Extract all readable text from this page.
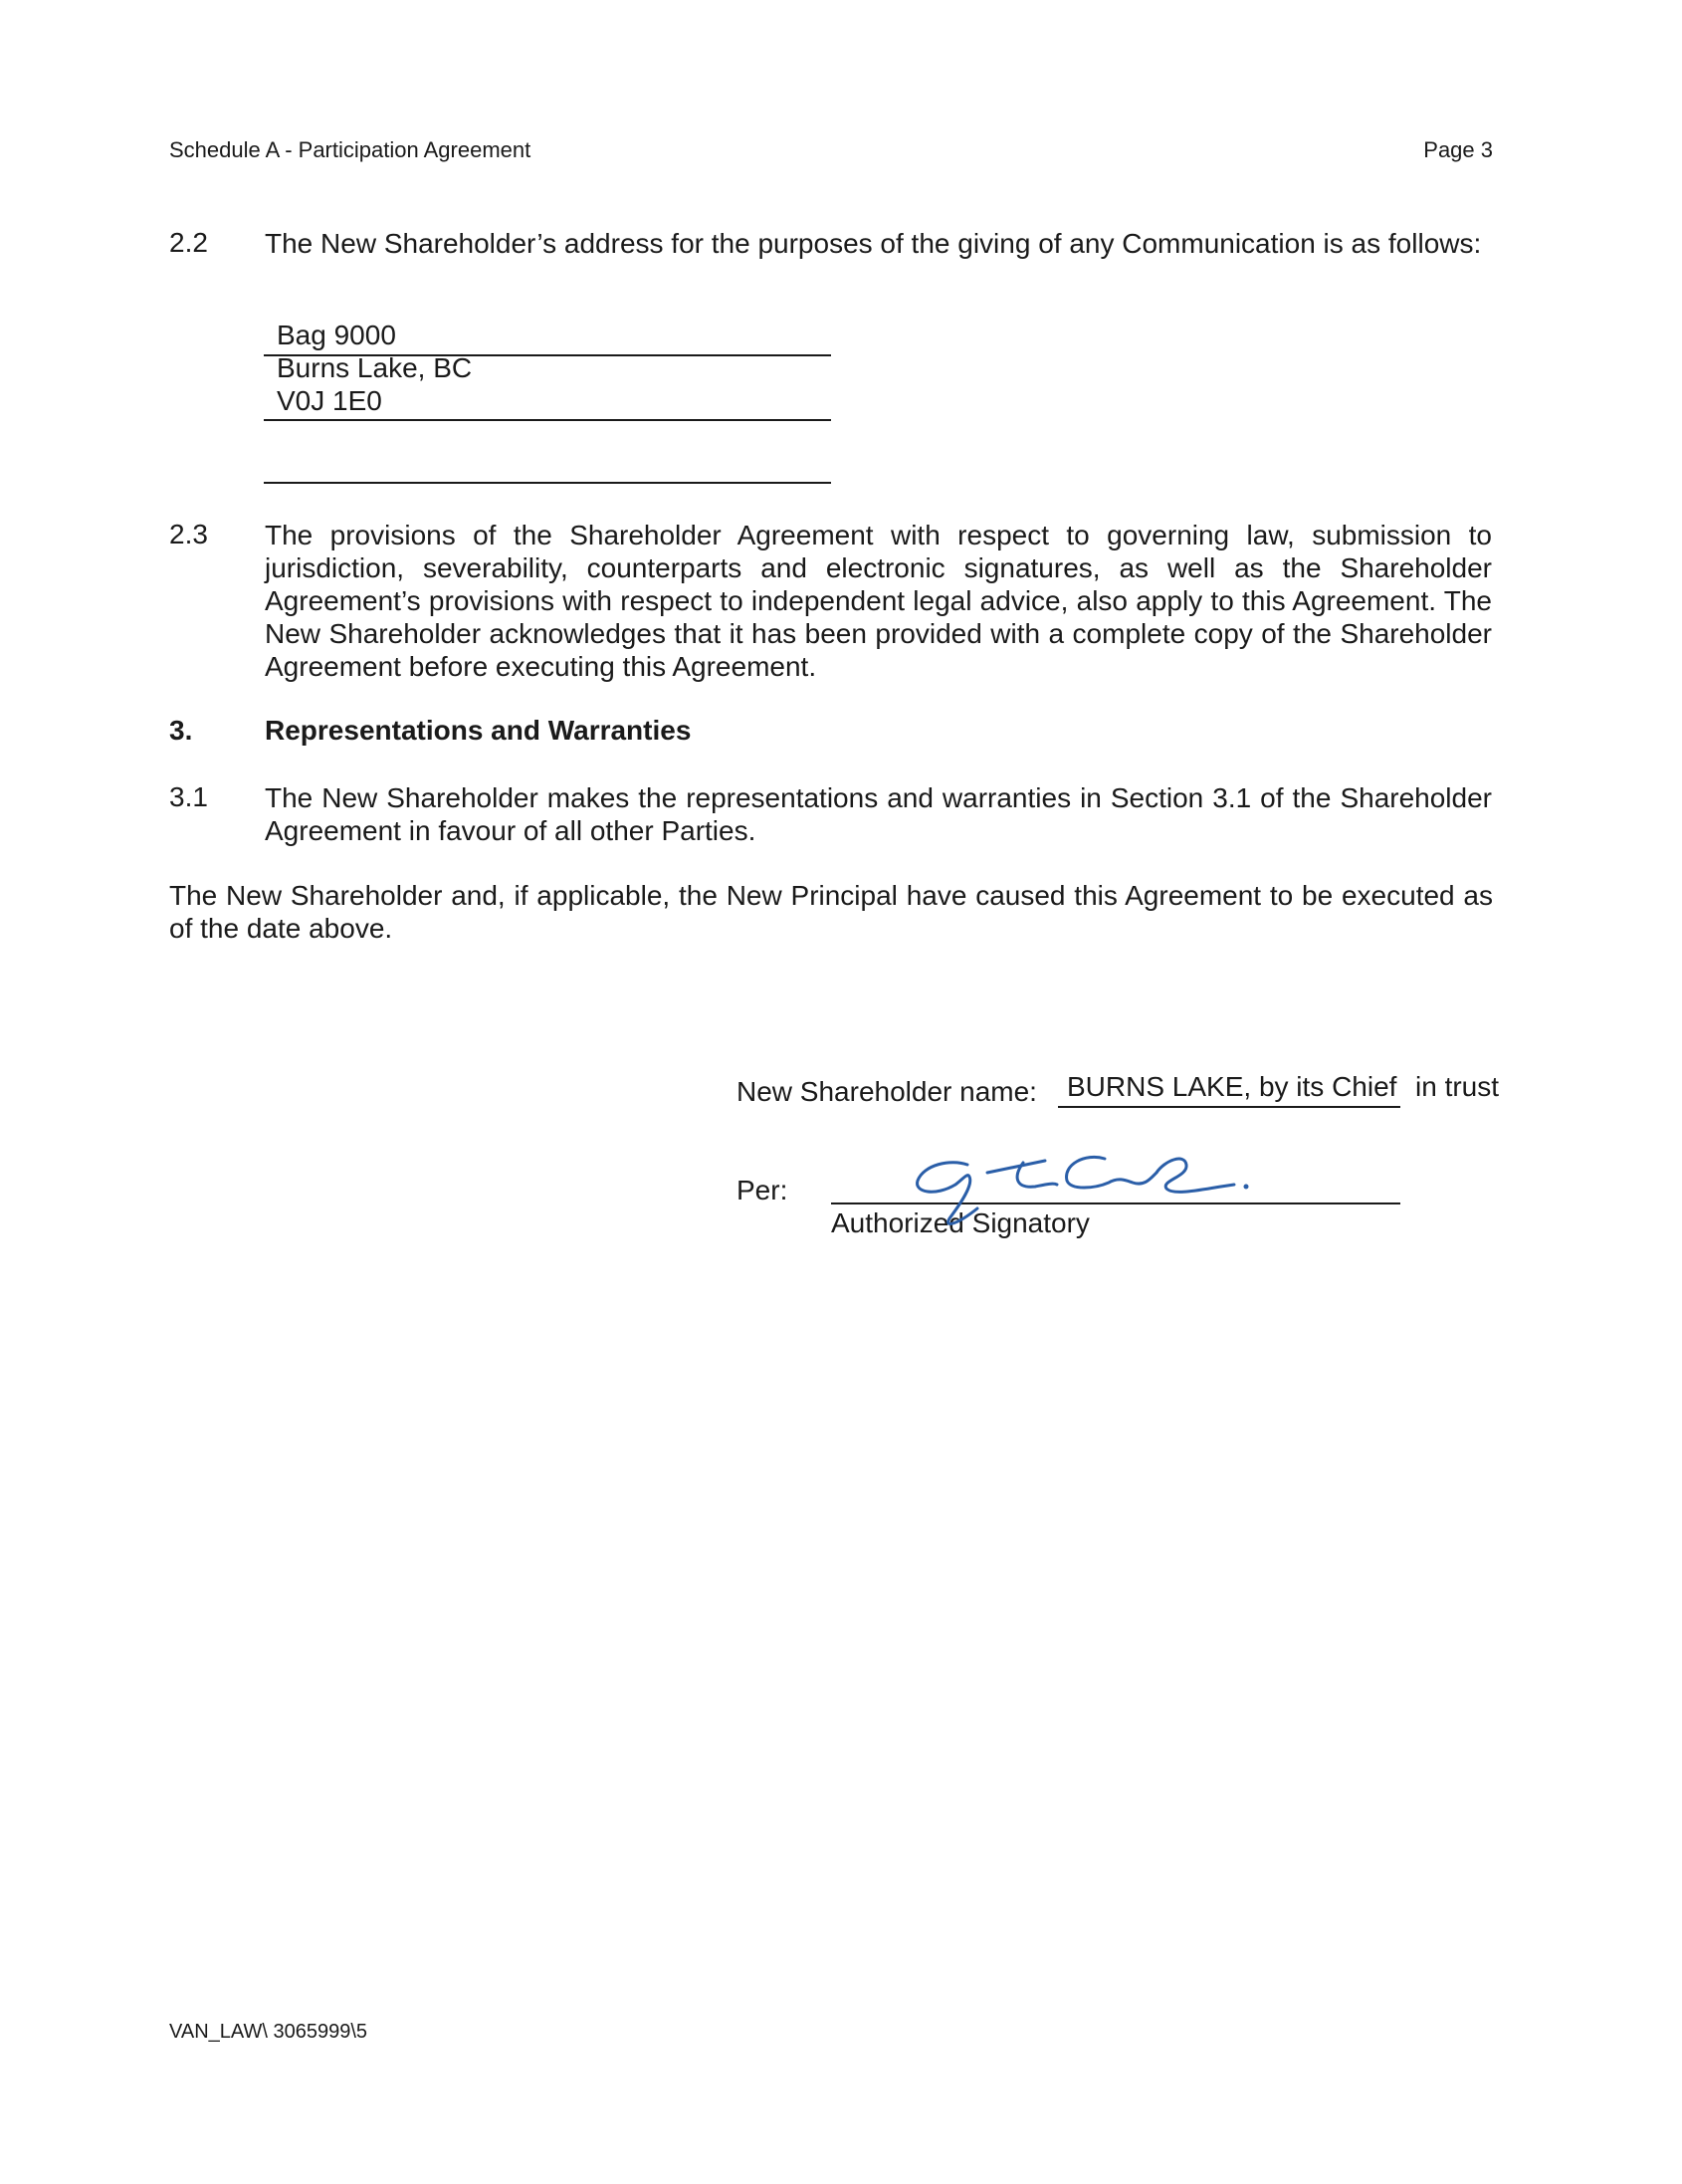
Schedule A - Participation Agreement	Page 3
2.2 The New Shareholder’s address for the purposes of the giving of any Communication is as follows:

Bag 9000
Burns Lake, BC
V0J 1E0
2.3 The provisions of the Shareholder Agreement with respect to governing law, submission to jurisdiction, severability, counterparts and electronic signatures, as well as the Shareholder Agreement’s provisions with respect to independent legal advice, also apply to this Agreement. The New Shareholder acknowledges that it has been provided with a complete copy of the Shareholder Agreement before executing this Agreement.

3.	Representations and Warranties
3.1 The New Shareholder makes the representations and warranties in Section 3.1 of the Shareholder Agreement in favour of all other Parties.

The New Shareholder and, if applicable, the New Principal have caused this Agreement to be executed as of the date above.

New Shareholder name: BURNS LAKE, by its Chief in trust
Per:
Authorized Signatory
VAN_LAW\ 3065999\5
